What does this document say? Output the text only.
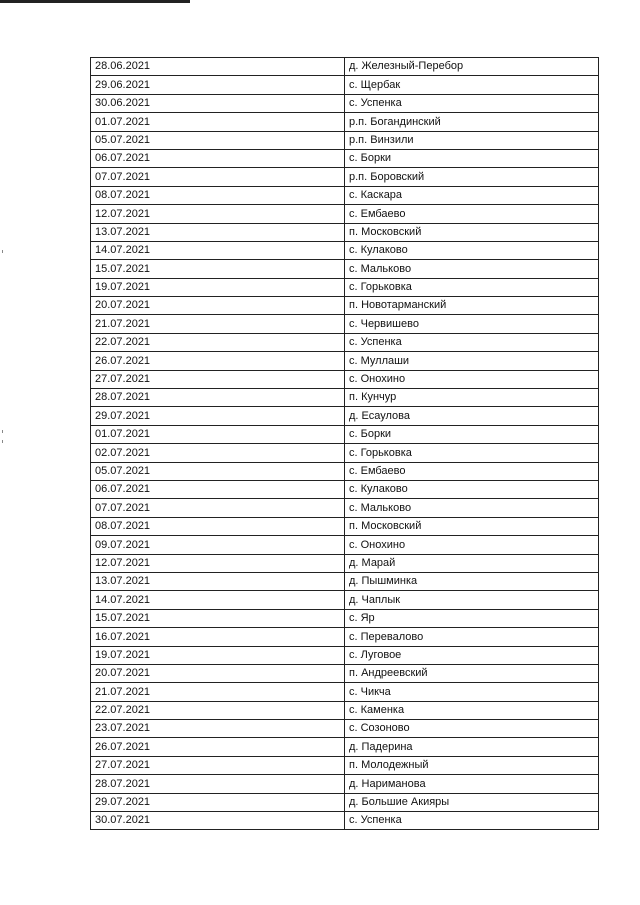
28.06.2021	д. Железный-Перебор
29.06.2021	с. Щербак
30.06.2021	с. Успенка
01.07.2021	р.п. Богандинский
05.07.2021	р.п. Винзили
06.07.2021	с. Борки
07.07.2021	р.п. Боровский
08.07.2021	с. Каскара
12.07.2021	с. Ембаево
13.07.2021	п. Московский
14.07.2021	с. Кулаково
15.07.2021	с. Мальково
19.07.2021	с. Горьковка
20.07.2021	п. Новотарманский
21.07.2021	с. Червишево
22.07.2021	с. Успенка
26.07.2021	с. Муллаши
27.07.2021	с. Онохино
28.07.2021	п. Кунчур
29.07.2021	д. Есаулова
01.07.2021	с. Борки
02.07.2021	с. Горьковка
05.07.2021	с. Ембаево
06.07.2021	с. Кулаково
07.07.2021	с. Мальково
08.07.2021	п. Московский
09.07.2021	с. Онохино
12.07.2021	д. Марай
13.07.2021	д. Пышминка
14.07.2021	д. Чаплык
15.07.2021	с. Яр
16.07.2021	с. Перевалово
19.07.2021	с. Луговое
20.07.2021	п. Андреевский
21.07.2021	с. Чикча
22.07.2021	с. Каменка
23.07.2021	с. Созоново
26.07.2021	д. Падерина
27.07.2021	п. Молодежный
28.07.2021	д. Нариманова
29.07.2021	д. Большие Акияры
30.07.2021	с. Успенка
